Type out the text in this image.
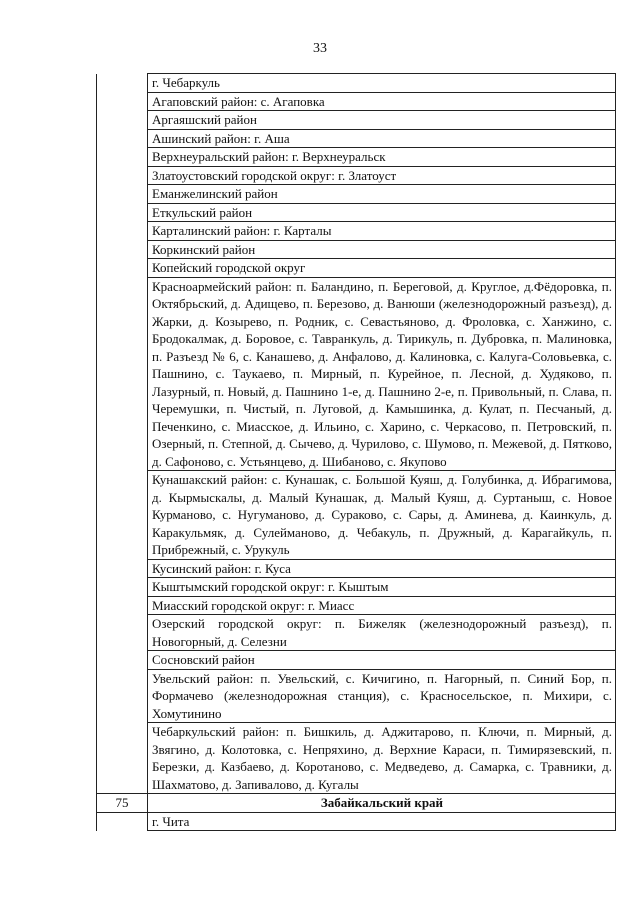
33
	г. Чебаркуль
	Агаповский район: с. Агаповка
	Аргаяшский район
	Ашинский район: г. Аша
	Верхнеуральский район: г. Верхнеуральск
	Златоустовский городской округ: г. Златоуст
	Еманжелинский район
	Еткульский район
	Карталинский район: г. Карталы
	Коркинский район
	Копейский городской округ
	Красноармейский район: п. Баландино, п. Береговой, д. Круглое, д.Фёдоровка, п. Октябрьский, д. Адищево, п. Березово, д. Ванюши (железнодорожный разъезд), д. Жарки, д. Козырево, п. Родник, с. Севастьяново, д. Фроловка, с. Ханжино, с. Бродокалмак, д. Боровое, с. Тавранкуль, д. Тирикуль, п. Дубровка, п. Малиновка, п. Разъезд № 6, с. Канашево, д. Анфалово, д. Калиновка, с. Калуга-Соловьевка, с. Пашнино, с. Таукаево, п. Мирный, п. Курейное, п. Лесной, д. Худяково, п. Лазурный, п. Новый, д. Пашнино 1-е, д. Пашнино 2-е, п. Привольный, п. Слава, п. Черемушки, п. Чистый, п. Луговой, д. Камышинка, д. Кулат, п. Песчаный, д. Печенкино, с. Миасское, д. Ильино, с. Харино, с. Черкасово, п. Петровский, п. Озерный, п. Степной, д. Сычево, д. Чурилово, с. Шумово, п. Межевой, д. Пятково, д. Сафоново, с. Устьянцево, д. Шибаново, с. Якупово
	Кунашакский район: с. Кунашак, с. Большой Куяш, д. Голубинка, д. Ибрагимова, д. Кырмыскалы, д. Малый Кунашак, д. Малый Куяш, д. Суртаныш, с. Новое Курманово, с. Нугуманово, д. Сураково, с. Сары, д. Аминева, д. Каинкуль, д. Каракульмяк, д. Сулейманово, д. Чебакуль, п. Дружный, д. Карагайкуль, п. Прибрежный, с. Урукуль
	Кусинский район: г. Куса
	Кыштымский городской округ: г. Кыштым
	Миасский городской округ: г. Миасс
	Озерский городской округ: п. Бижеляк (железнодорожный разъезд), п. Новогорный, д. Селезни
	Сосновский район
	Увельский район: п. Увельский, с. Кичигино, п. Нагорный, п. Синий Бор, п. Формачево (железнодорожная станция), с. Красносельское, п. Михири, с. Хомутинино
	Чебаркульский район: п. Бишкиль, д. Аджитарово, п. Ключи, п. Мирный, д. Звягино, д. Колотовка, с. Непряхино, д. Верхние Караси, п. Тимирязевский, п. Березки, д. Казбаево, д. Коротаново, с. Медведево, д. Самарка, с. Травники, д. Шахматово, д. Запивалово, д. Кугалы
75	Забайкальский край
	г. Чита
